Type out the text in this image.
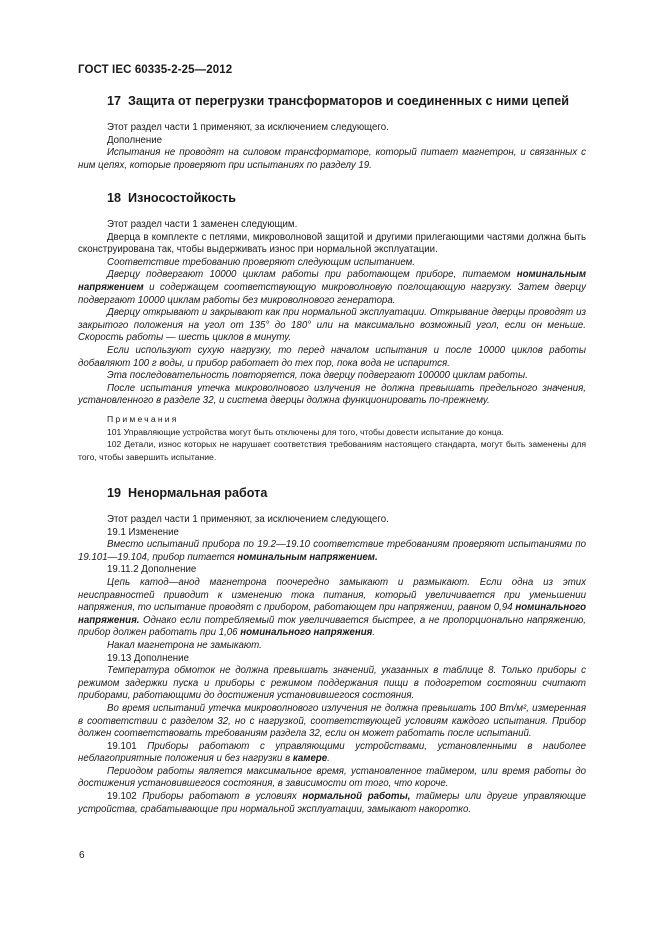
ГОСТ IEC 60335-2-25—2012
17 Защита от перегрузки трансформаторов и соединенных с ними цепей

Этот раздел части 1 применяют, за исключением следующего.

Дополнение

Испытания не проводят на силовом трансформаторе, который питает магнетрон, и связанных с ним цепях, которые проверяют при испытаниях по разделу 19.

18 Износостойкость

Этот раздел части 1 заменен следующим.

Дверца в комплекте с петлями, микроволновой защитой и другими прилегающими частями должна быть сконструирована так, чтобы выдерживать износ при нормальной эксплуатации.

Соответствие требованию проверяют следующим испытанием.

Дверцу подвергают 10000 циклам работы при работающем приборе, питаемом номинальным напряжением и содержащем соответствующую микроволновую поглощающую нагрузку. Затем дверцу подвергают 10000 циклам работы без микроволнового генератора.

Дверцу открывают и закрывают как при нормальной эксплуатации. Открывание дверцы проводят из закрытого положения на угол от 135° до 180° или на максимально возможный угол, если он меньше. Скорость работы — шесть циклов в минуту.

Если используют сухую нагрузку, то перед началом испытания и после 10000 циклов работы добавляют 100 г воды, и прибор работает до тех пор, пока вода не испарится.

Эта последовательность повторяется, пока дверцу подвергают 100000 циклам работы.

После испытания утечка микроволнового излучения не должна превышать предельного значения, установленного в разделе 32, и система дверцы должна функционировать по-прежнему.

Примечания

101 Управляющие устройства могут быть отключены для того, чтобы довести испытание до конца.

102 Детали, износ которых не нарушает соответствия требованиям настоящего стандарта, могут быть заменены для того, чтобы завершить испытание.

19 Ненормальная работа

Этот раздел части 1 применяют, за исключением следующего.

19.1 Изменение

Вместо испытаний прибора по 19.2—19.10 соответствие требованиям проверяют испытаниями по 19.101—19.104, прибор питается номинальным напряжением.

19.11.2 Дополнение

Цепь катод—анод магнетрона поочередно замыкают и размыкают. Если одна из этих неисправностей приводит к изменению тока питания, который увеличивается при уменьшении напряжения, то испытание проводят с прибором, работающем при напряжении, равном 0,94 номинального напряжения. Однако если потребляемый ток увеличивается быстрее, а не пропорционально напряжению, прибор должен работать при 1,06 номинального напряжения.

Накал магнетрона не замыкают.

19.13 Дополнение

Температура обмоток не должна превышать значений, указанных в таблице 8. Только приборы с режимом задержки пуска и приборы с режимом поддержания пищи в подогретом состоянии считают приборами, работающими до достижения установившегося состояния.

Во время испытаний утечка микроволнового излучения не должна превышать 100 Вт/м², измеренная в соответствии с разделом 32, но с нагрузкой, соответствующей условиям каждого испытания. Прибор должен соответствовать требованиям раздела 32, если он может работать после испытаний.

19.101 Приборы работают с управляющими устройствами, установленными в наиболее неблагоприятные положения и без нагрузки в камере.

Периодом работы является максимальное время, установленное таймером, или время работы до достижения установившегося состояния, в зависимости от того, что короче.

19.102 Приборы работают в условиях нормальной работы, таймеры или другие управляющие устройства, срабатывающие при нормальной эксплуатации, замыкают накоротко.

6
